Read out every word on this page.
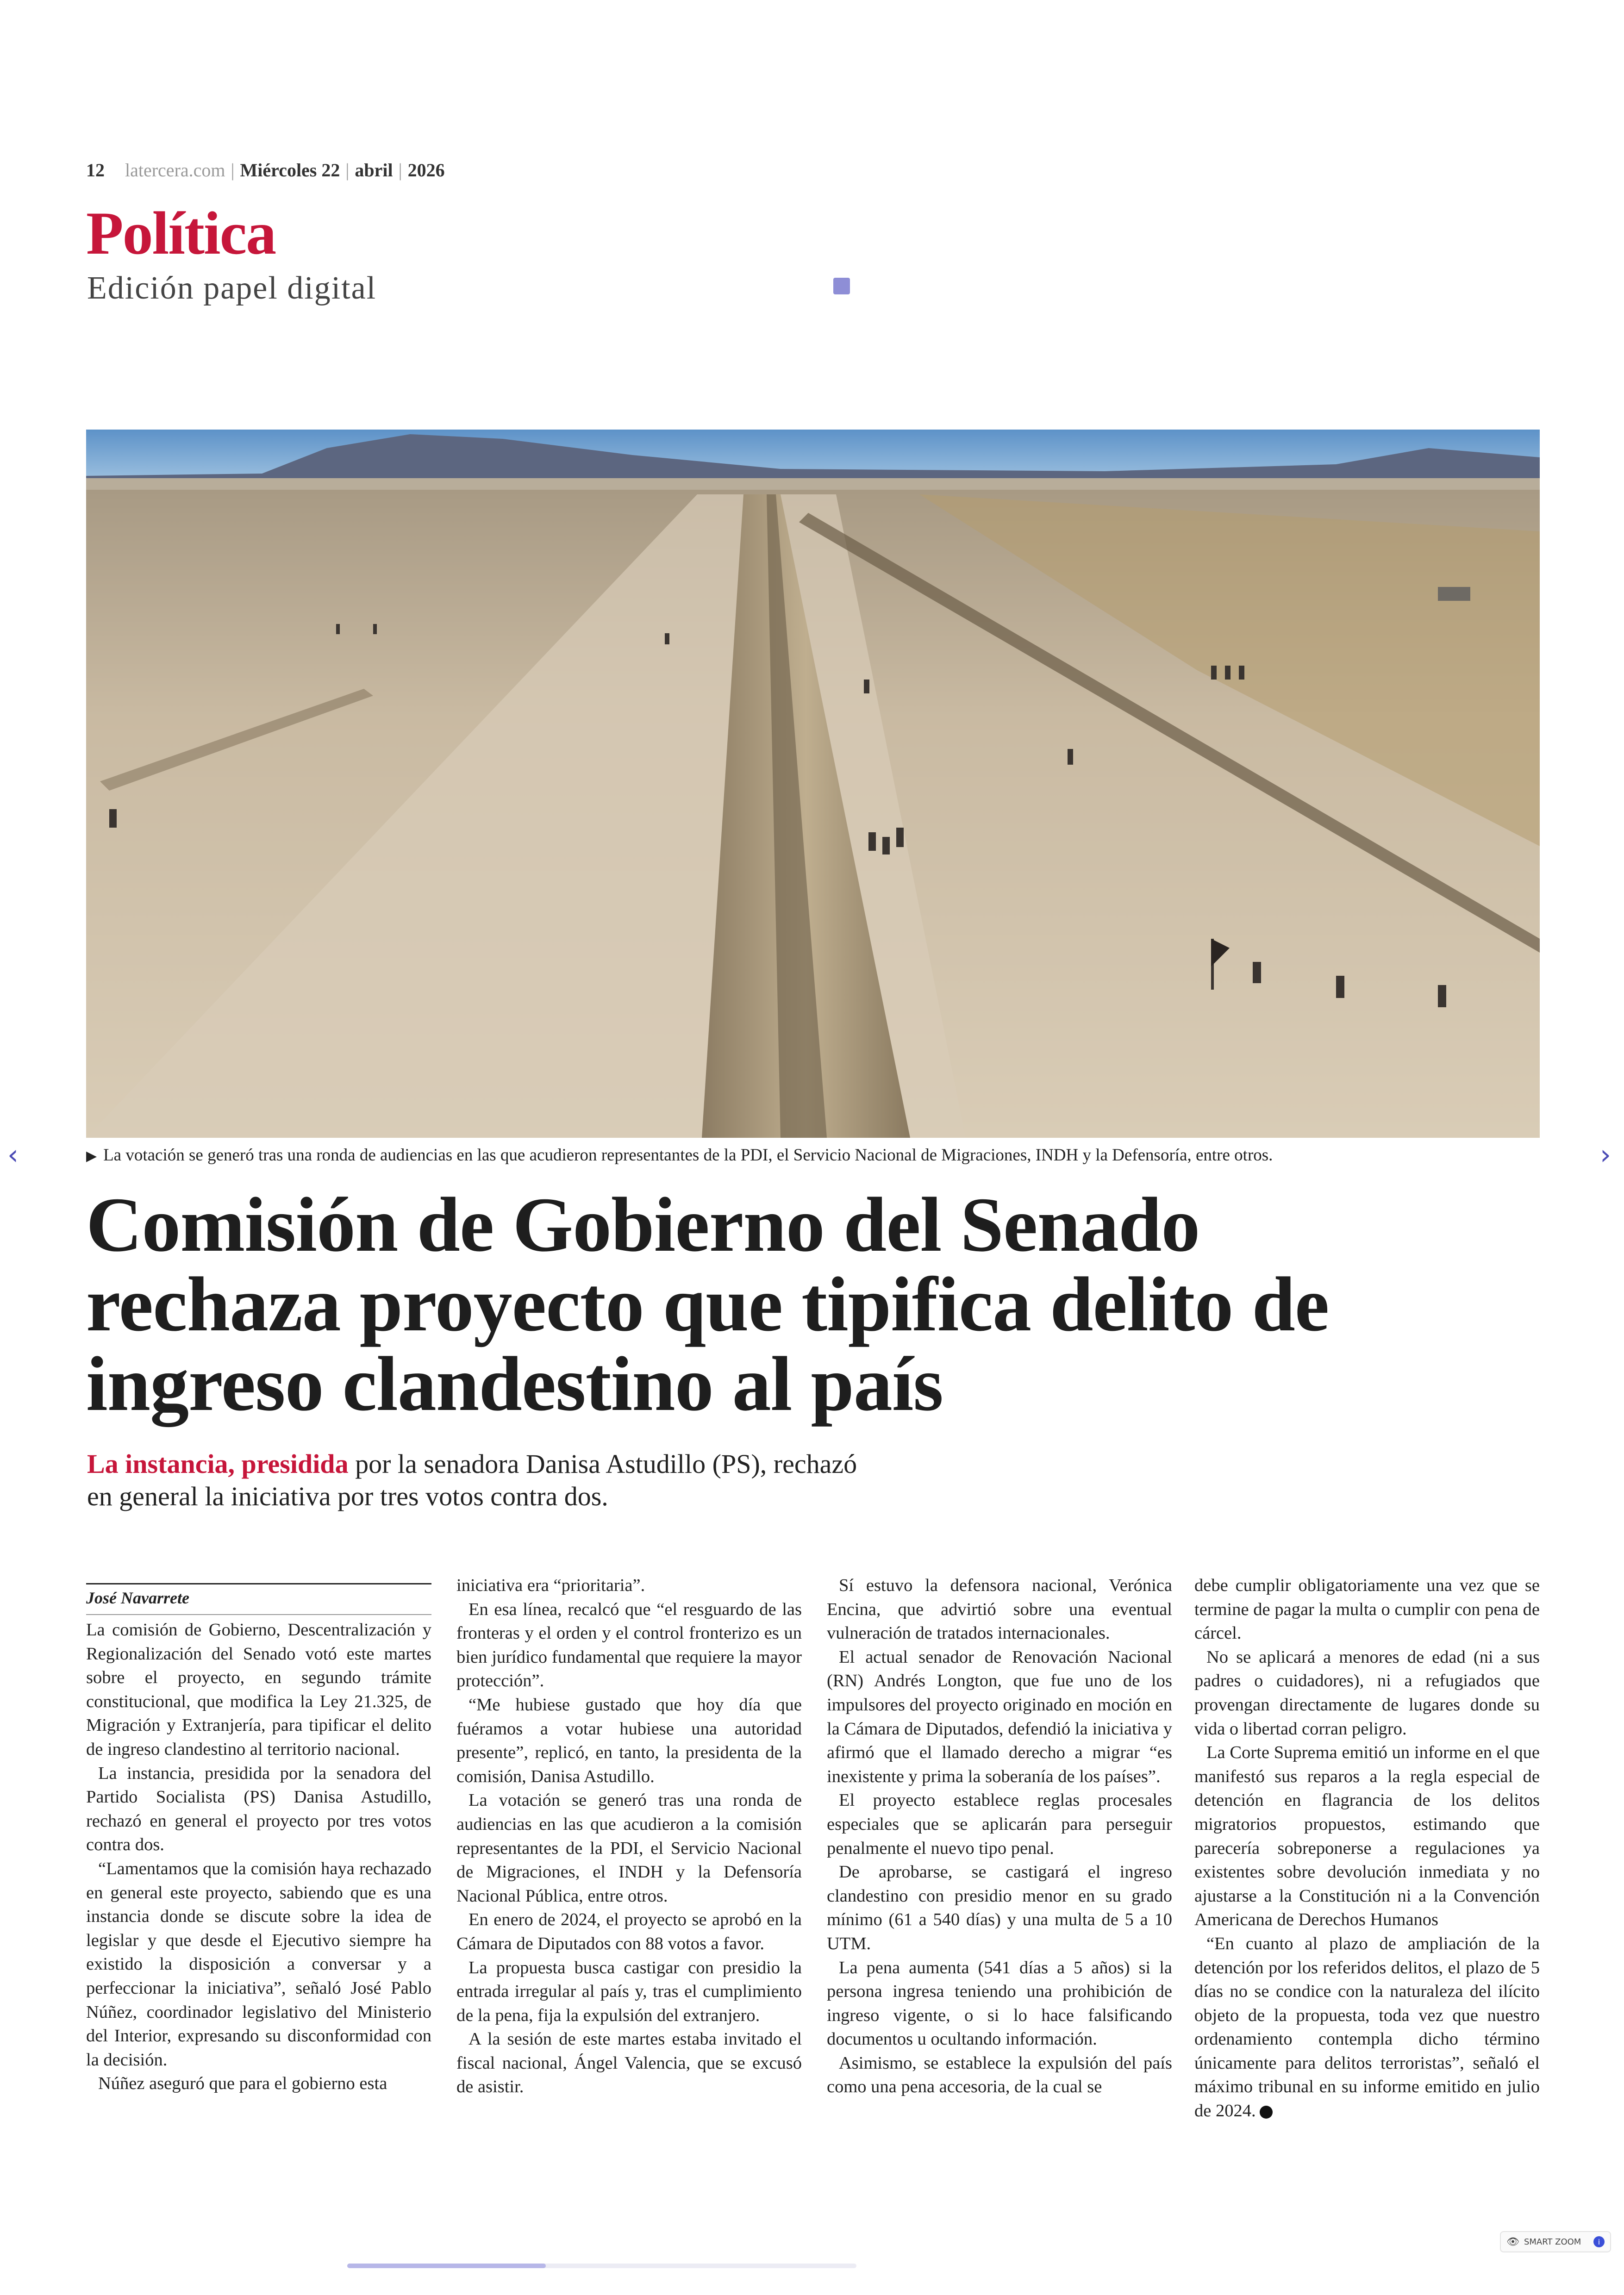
12 latercera.com | Miércoles 22 | abril | 2026
Política
Edición papel digital
▶ La votación se generó tras una ronda de audiencias en las que acudieron representantes de la PDI, el Servicio Nacional de Migraciones, INDH y la Defensoría, entre otros.
‹	›
Comisión de Gobierno del Senado rechaza proyecto que tipifica delito de ingreso clandestino al país
La instancia, presidida por la senadora Danisa Astudillo (PS), rechazó en general la iniciativa por tres votos contra dos.
José Navarrete

La comisión de Gobierno, Descentralización y Regionalización del Senado votó este martes sobre el proyecto, en segundo trámite constitucional, que modifica la Ley 21.325, de Migración y Extranjería, para tipificar el delito de ingreso clandestino al territorio nacional.

La instancia, presidida por la senadora del Partido Socialista (PS) Danisa Astudillo, rechazó en general el proyecto por tres votos contra dos.

“Lamentamos que la comisión haya rechazado en general este proyecto, sabiendo que es una instancia donde se discute sobre la idea de legislar y que desde el Ejecutivo siempre ha existido la disposición a conversar y a perfeccionar la iniciativa”, señaló José Pablo Núñez, coordinador legislativo del Ministerio del Interior, expresando su disconformidad con la decisión.

Núñez aseguró que para el gobierno esta

iniciativa era “prioritaria”.

En esa línea, recalcó que “el resguardo de las fronteras y el orden y el control fronterizo es un bien jurídico fundamental que requiere la mayor protección”.

“Me hubiese gustado que hoy día que fuéramos a votar hubiese una autoridad presente”, replicó, en tanto, la presidenta de la comisión, Danisa Astudillo.

La votación se generó tras una ronda de audiencias en las que acudieron a la comisión representantes de la PDI, el Servicio Nacional de Migraciones, el INDH y la Defensoría Nacional Pública, entre otros.

En enero de 2024, el proyecto se aprobó en la Cámara de Diputados con 88 votos a favor.

La propuesta busca castigar con presidio la entrada irregular al país y, tras el cumplimiento de la pena, fija la expulsión del extranjero.

A la sesión de este martes estaba invitado el fiscal nacional, Ángel Valencia, que se excusó de asistir.

Sí estuvo la defensora nacional, Verónica Encina, que advirtió sobre una eventual vulneración de tratados internacionales.

El actual senador de Renovación Nacional (RN) Andrés Longton, que fue uno de los impulsores del proyecto originado en moción en la Cámara de Diputados, defendió la iniciativa y afirmó que el llamado derecho a migrar “es inexistente y prima la soberanía de los países”.

El proyecto establece reglas procesales especiales que se aplicarán para perseguir penalmente el nuevo tipo penal.

De aprobarse, se castigará el ingreso clandestino con presidio menor en su grado mínimo (61 a 540 días) y una multa de 5 a 10 UTM.

La pena aumenta (541 días a 5 años) si la persona ingresa teniendo una prohibición de ingreso vigente, o si lo hace falsificando documentos u ocultando información.

Asimismo, se establece la expulsión del país como una pena accesoria, de la cual se

debe cumplir obligatoriamente una vez que se termine de pagar la multa o cumplir con pena de cárcel.

No se aplicará a menores de edad (ni a sus padres o cuidadores), ni a refugiados que provengan directamente de lugares donde su vida o libertad corran peligro.

La Corte Suprema emitió un informe en el que manifestó sus reparos a la regla especial de detención en flagrancia de los delitos migratorios propuestos, estimando que parecería sobreponerse a regulaciones ya existentes sobre devolución inmediata y no ajustarse a la Constitución ni a la Convención Americana de Derechos Humanos

“En cuanto al plazo de ampliación de la detención por los referidos delitos, el plazo de 5 días no se condice con la naturaleza del ilícito objeto de la propuesta, toda vez que nuestro ordenamiento contempla dicho término únicamente para delitos terroristas”, señaló el máximo tribunal en su informe emitido en julio de 2024.

👁 SMART ZOOM	i
